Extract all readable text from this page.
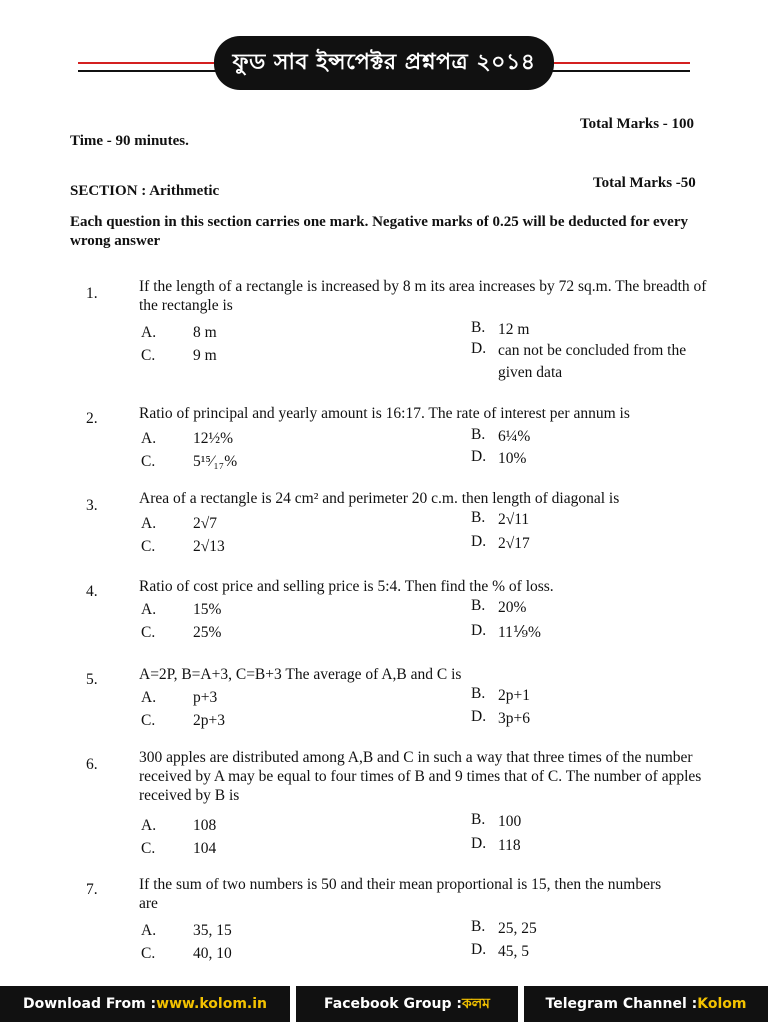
ফুড সাব ইন্সপেক্টর প্রশ্নপত্র ২০১৪
Total Marks - 100
Time - 90 minutes.
SECTION : Arithmetic	Total Marks -50
Each question in this section carries one mark. Negative marks of 0.25 will be deducted for every wrong answer
1.	If the length of a rectangle is increased by 8 m its area increases by 72 sq.m. The breadth of the rectangle is
A.	8 m	B. 12 m
C.	9 m	D. can not be concluded from the given data
2.	Ratio of principal and yearly amount is 16:17. The rate of interest per annum is
A.	12½%	B. 6¼%
C.	5¹⁵⁄₁₇%	D. 10%
3.	Area of a rectangle is 24 cm² and perimeter 20 c.m. then length of diagonal is
A.	2√7	B. 2√11
C.	2√13	D. 2√17
4.	Ratio of cost price and selling price is 5:4. Then find the % of loss.
A.	15%	B. 20%
C.	25%	D. 11⅑%
5.	A=2P, B=A+3, C=B+3 The average of A,B and C is
A.	p+3	B. 2p+1
C.	2p+3	D. 3p+6
6.	300 apples are distributed among A,B and C in such a way that three times of the number received by A may be equal to four times of B and 9 times that of C. The number of apples received by B is
A.	108	B. 100
C.	104	D. 118
7.	If the sum of two numbers is 50 and their mean proportional is 15, then the numbers are
A.	35, 15	B. 25, 25
C.	40, 10	D. 45, 5
Download From : www.kolom.in	Facebook Group : কলম	Telegram Channel : Kolom
